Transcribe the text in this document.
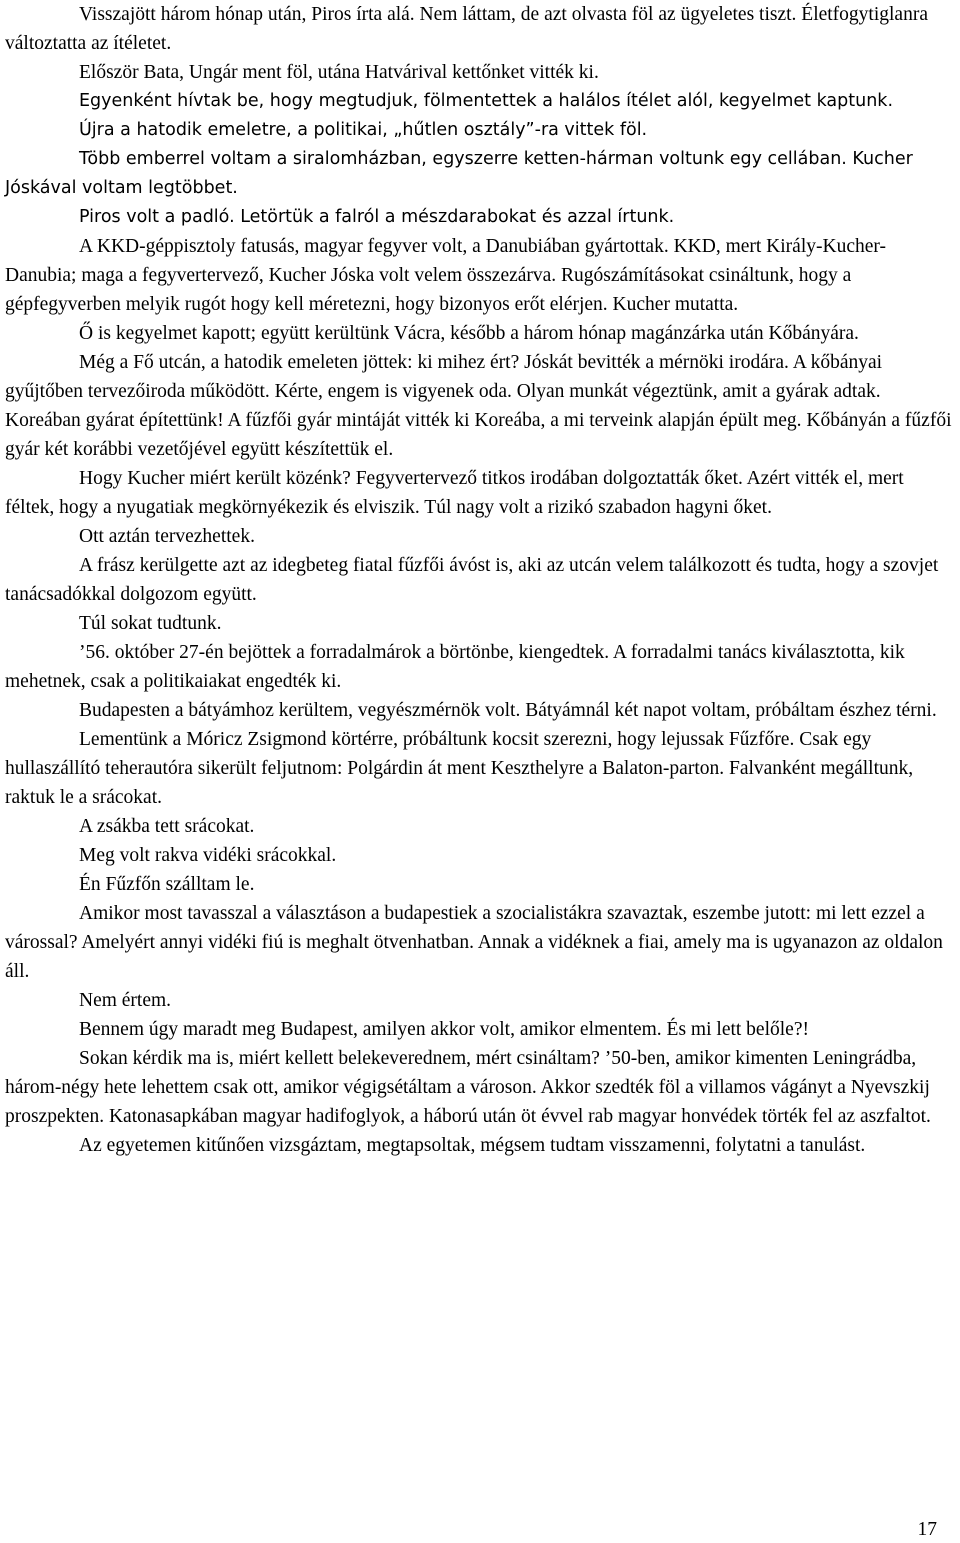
Visszajött három hónap után, Piros írta alá. Nem láttam, de azt olvasta föl az ügyeletes tiszt. Életfogytiglanra változtatta az ítéletet.

Először Bata, Ungár ment föl, utána Hatvárival kettőnket vitték ki.

Egyenként hívtak be, hogy megtudjuk, fölmentettek a halálos ítélet alól, kegyelmet kaptunk.

Újra a hatodik emeletre, a politikai, „hűtlen osztály”-ra vittek föl.

Több emberrel voltam a siralomházban, egyszerre ketten-hárman voltunk egy cellában. Kucher Jóskával voltam legtöbbet.

Piros volt a padló. Letörtük a falról a mészdarabokat és azzal írtunk.

A KKD-géppisztoly fatusás, magyar fegyver volt, a Danubiában gyártottak. KKD, mert Király-Kucher-Danubia; maga a fegyvertervező, Kucher Jóska volt velem összezárva. Rugószámításokat csináltunk, hogy a gépfegyverben melyik rugót hogy kell méretezni, hogy bizonyos erőt elérjen. Kucher mutatta.

Ő is kegyelmet kapott; együtt kerültünk Vácra, később a három hónap magánzárka után Kőbányára.

Még a Fő utcán, a hatodik emeleten jöttek: ki mihez ért? Jóskát bevitték a mérnöki irodára. A kőbányai gyűjtőben tervezőiroda működött. Kérte, engem is vigyenek oda. Olyan munkát végeztünk, amit a gyárak adtak. Koreában gyárat építettünk! A fűzfői gyár mintáját vitték ki Koreába, a mi terveink alapján épült meg. Kőbányán a fűzfői gyár két korábbi vezetőjével együtt készítettük el.

Hogy Kucher miért került közénk? Fegyvertervező titkos irodában dolgoztatták őket. Azért vitték el, mert féltek, hogy a nyugatiak megkörnyékezik és elviszik. Túl nagy volt a rizikó szabadon hagyni őket.

Ott aztán tervezhettek.

A frász kerülgette azt az idegbeteg fiatal fűzfői ávóst is, aki az utcán velem találkozott és tudta, hogy a szovjet tanácsadókkal dolgozom együtt.

Túl sokat tudtunk.

’56. október 27-én bejöttek a forradalmárok a börtönbe, kiengedtek. A forradalmi tanács kiválasztotta, kik mehetnek, csak a politikaiakat engedték ki.

Budapesten a bátyámhoz kerültem, vegyészmérnök volt. Bátyámnál két napot voltam, próbáltam észhez térni.

Lementünk a Móricz Zsigmond körtérre, próbáltunk kocsit szerezni, hogy lejussak Fűzfőre. Csak egy hullaszállító teherautóra sikerült feljutnom: Polgárdin át ment Keszthelyre a Balaton-parton. Falvanként megálltunk, raktuk le a srácokat.

A zsákba tett srácokat.

Meg volt rakva vidéki srácokkal.

Én Fűzfőn szálltam le.

Amikor most tavasszal a választáson a budapestiek a szocialistákra szavaztak, eszembe jutott: mi lett ezzel a várossal? Amelyért annyi vidéki fiú is meghalt ötvenhatban. Annak a vidéknek a fiai, amely ma is ugyanazon az oldalon áll.

Nem értem.

Bennem úgy maradt meg Budapest, amilyen akkor volt, amikor elmentem. És mi lett belőle?!

Sokan kérdik ma is, miért kellett belekeverednem, mért csináltam? ’50-ben, amikor kimenten Leningrádba, három-négy hete lehettem csak ott, amikor végigsétáltam a városon. Akkor szedték föl a villamos vágányt a Nyevszkij proszpekten. Katonasapkában magyar hadifoglyok, a háború után öt évvel rab magyar honvédek törték fel az aszfaltot.

Az egyetemen kitűnően vizsgáztam, megtapsoltak, mégsem tudtam visszamenni, folytatni a tanulást.

17
